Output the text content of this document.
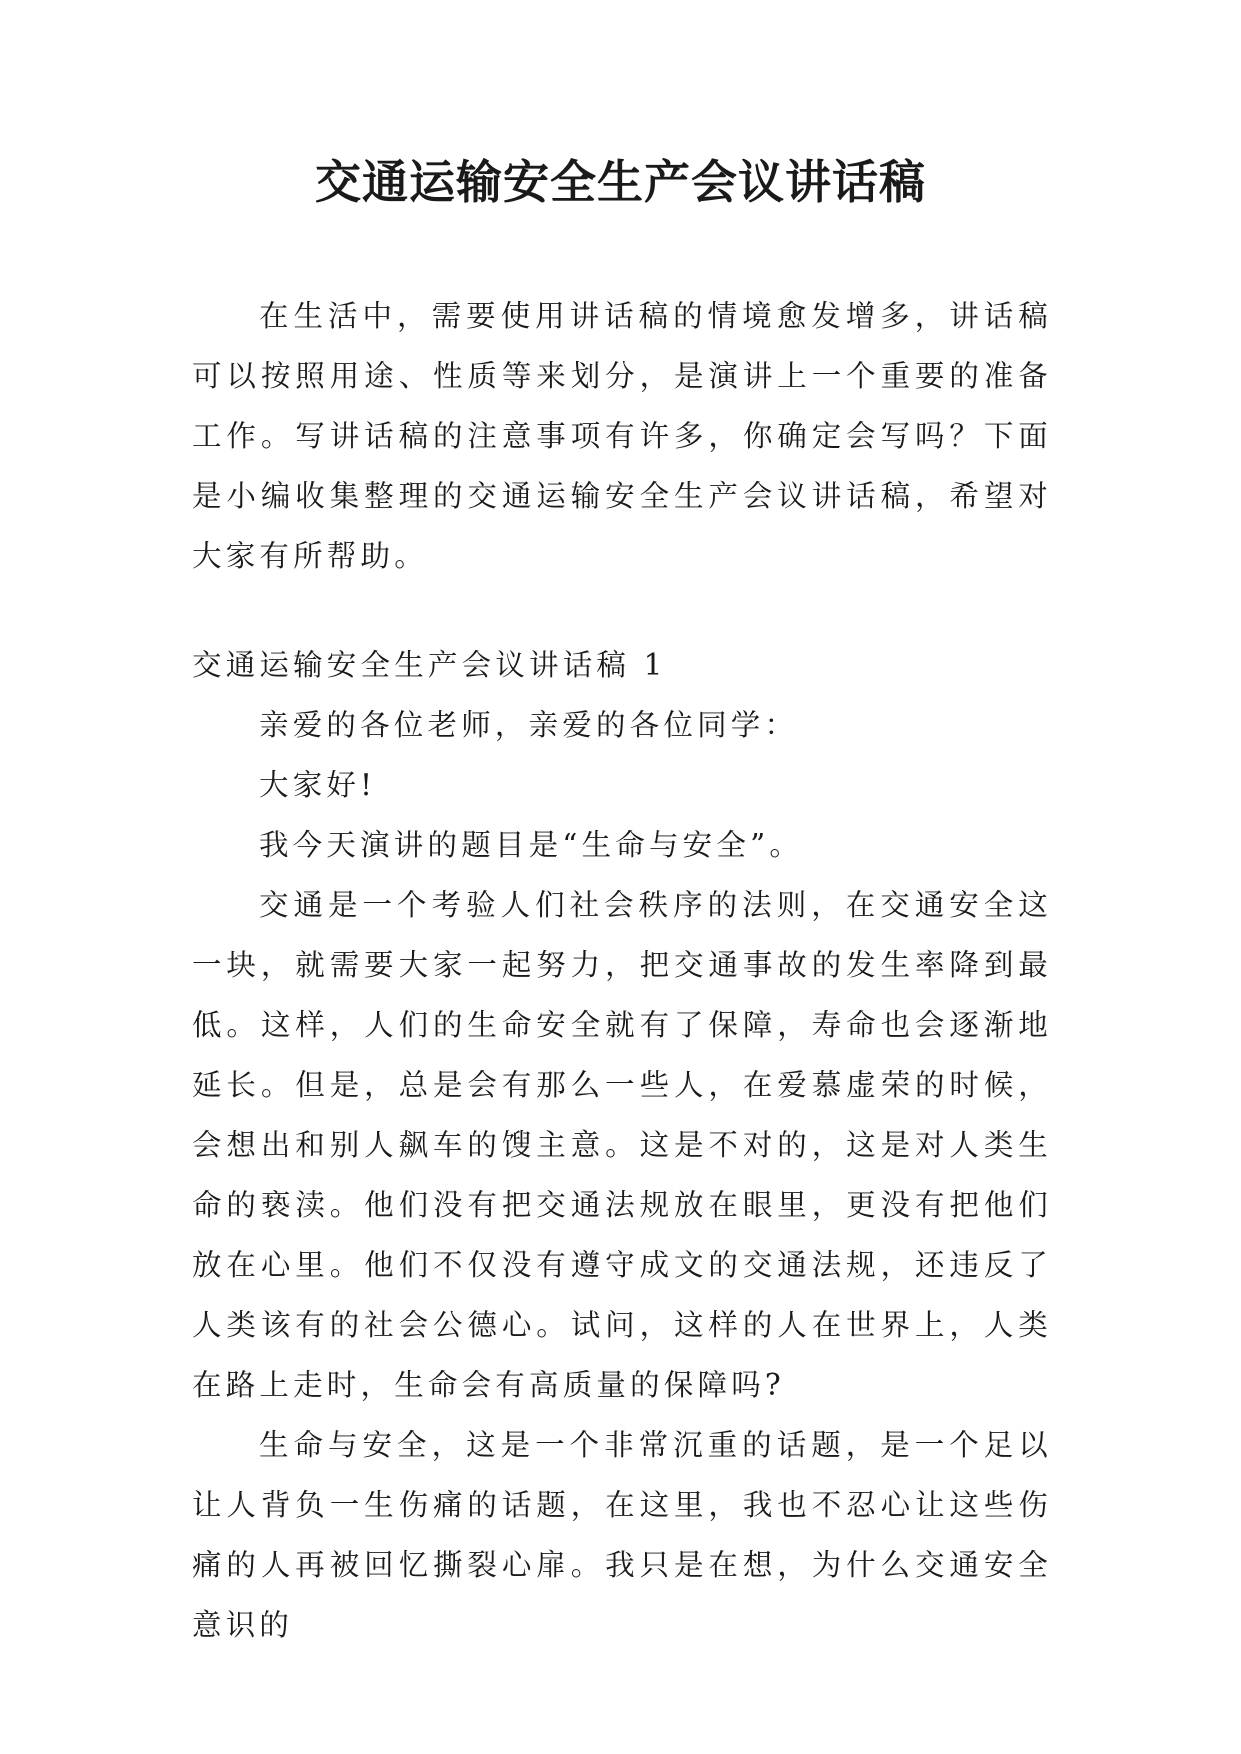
交通运输安全生产会议讲话稿

在生活中，需要使用讲话稿的情境愈发增多，讲话稿可以按照用途、性质等来划分，是演讲上一个重要的准备工作。写讲话稿的注意事项有许多，你确定会写吗？下面是小编收集整理的交通运输安全生产会议讲话稿，希望对大家有所帮助。

交通运输安全生产会议讲话稿 1

亲爱的各位老师，亲爱的各位同学：

大家好!

我今天演讲的题目是“生命与安全”。

交通是一个考验人们社会秩序的法则，在交通安全这一块，就需要大家一起努力，把交通事故的发生率降到最低。这样，人们的生命安全就有了保障，寿命也会逐渐地延长。但是，总是会有那么一些人，在爱慕虚荣的时候，会想出和别人飙车的馊主意。这是不对的，这是对人类生命的亵渎。他们没有把交通法规放在眼里，更没有把他们放在心里。他们不仅没有遵守成文的交通法规，还违反了人类该有的社会公德心。试问，这样的人在世界上，人类在路上走时，生命会有高质量的保障吗?

生命与安全，这是一个非常沉重的话题，是一个足以让人背负一生伤痛的话题，在这里，我也不忍心让这些伤痛的人再被回忆撕裂心扉。我只是在想，为什么交通安全意识的
